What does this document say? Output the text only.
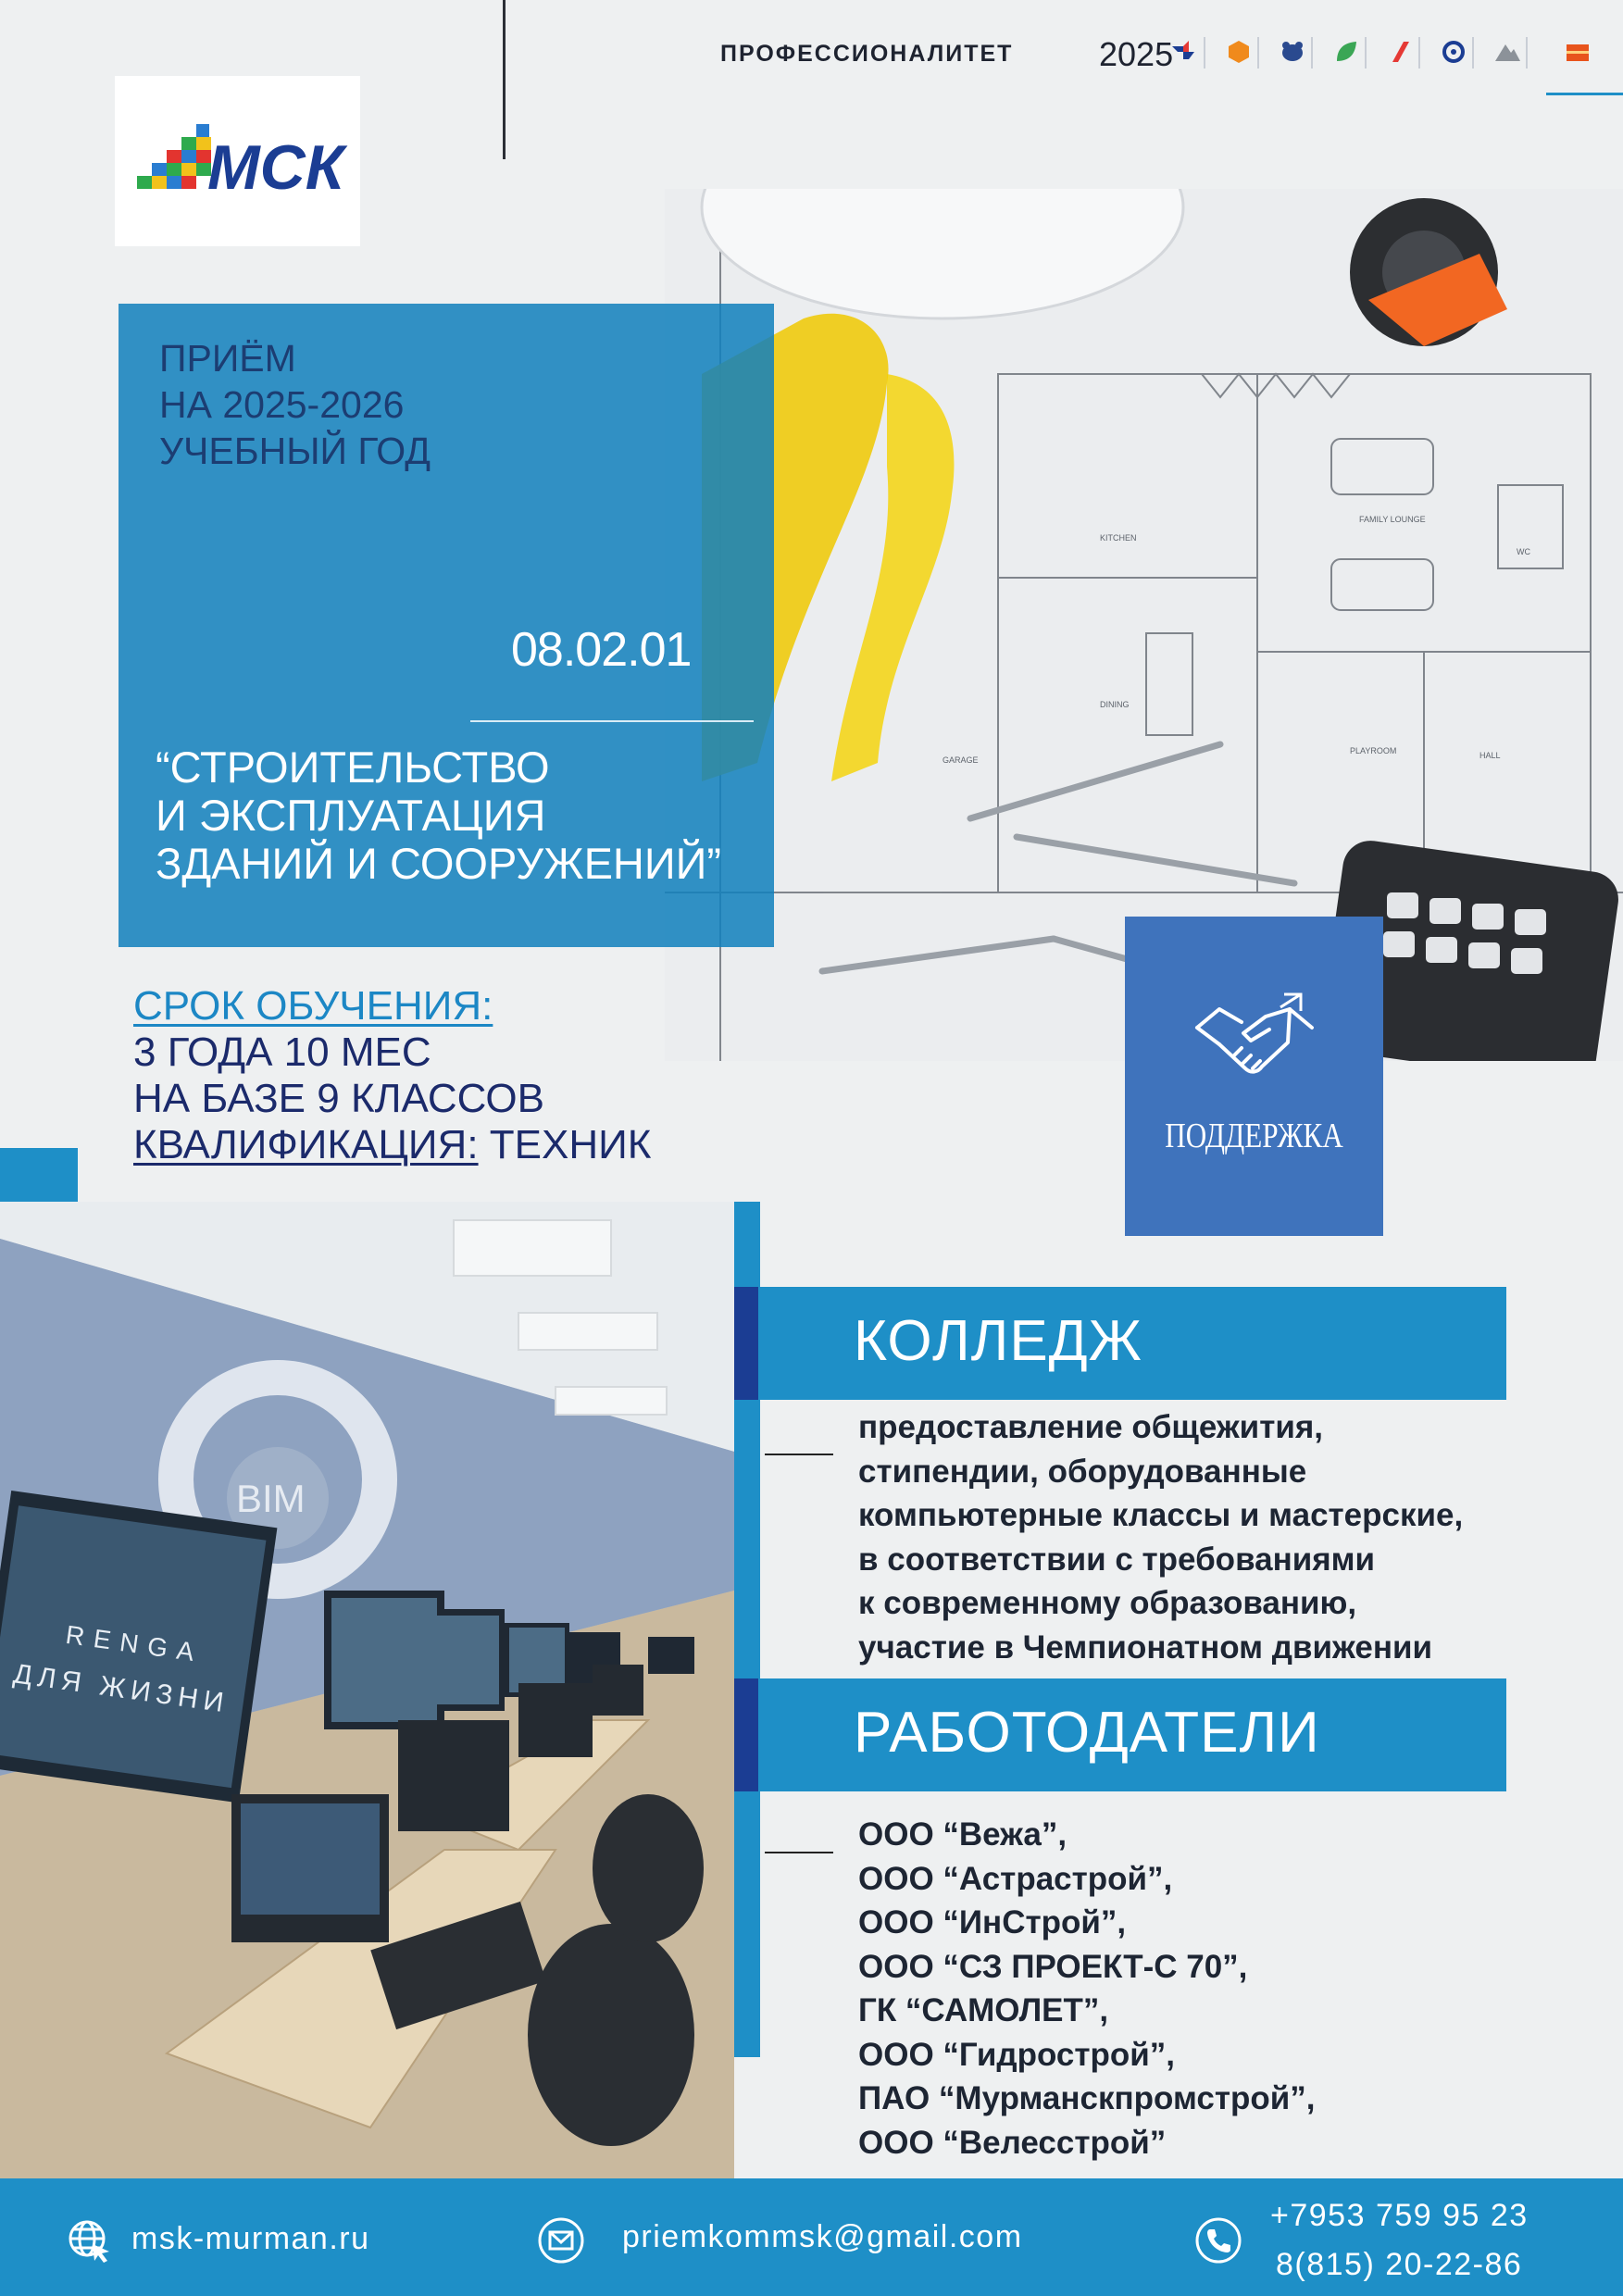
ПРОФЕССИОНАЛИТЕТ	2025
МСК
KITCHEN
FAMILY LOUNGE
DINING
PLAYROOM	HALL
GARAGE
WC
ПРИЁМ
НА 2025-2026
УЧЕБНЫЙ ГОД
08.02.01
“СТРОИТЕЛЬСТВО
И ЭКСПЛУАТАЦИЯ
ЗДАНИЙ И СООРУЖЕНИЙ”
СРОК ОБУЧЕНИЯ:
3 ГОДА 10 МЕС
НА БАЗЕ 9 КЛАССОВ
КВАЛИФИКАЦИЯ: ТЕХНИК	ПОДДЕРЖКА
BIM
RENGA
ДЛЯ ЖИЗНИ
КОЛЛЕДЖ
предоставление общежития,
стипендии, оборудованные
компьютерные классы и мастерские,
в соответствии с требованиями
к современному образованию,
участие в Чемпионатном движении
РАБОТОДАТЕЛИ
ООО “Вежа”,
ООО “Астрастрой”,
ООО “ИнСтрой”,
ООО “СЗ ПРОЕКТ-С 70”,
ГК “САМОЛЕТ”,
ООО “Гидрострой”,
ПАО “Мурманскпромстрой”,
ООО “Велесстрой”
msk-murman.ru	priemkommsk@gmail.com
+7953 759 95 23
8(815) 20-22-86
